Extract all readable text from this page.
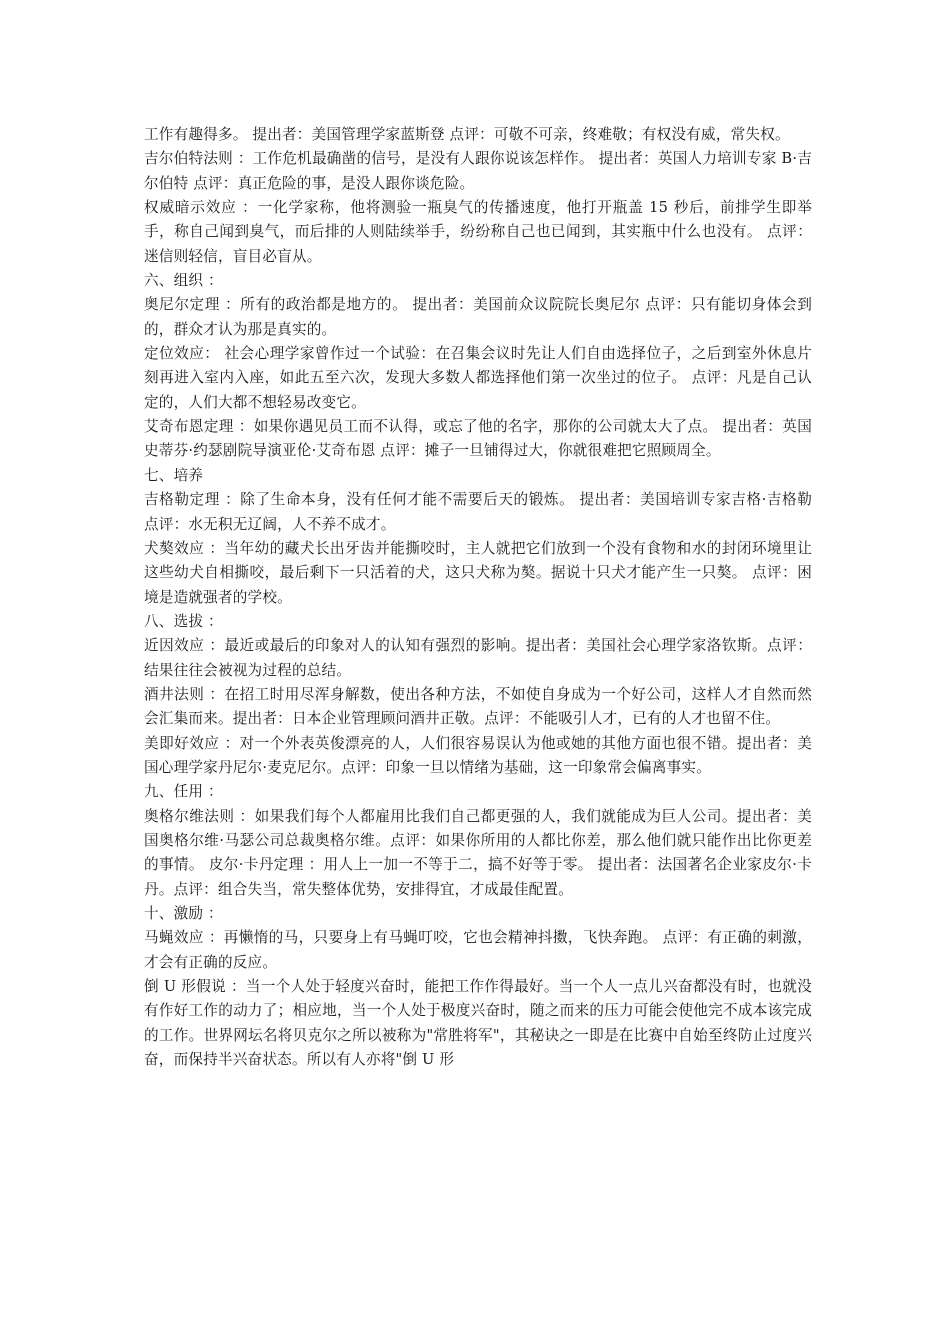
工作有趣得多。 提出者：美国管理学家蓝斯登 点评：可敬不可亲，终难敬；有权没有威，常失权。

吉尔伯特法则 ：工作危机最确凿的信号，是没有人跟你说该怎样作。 提出者：英国人力培训专家 B·吉尔伯特 点评：真正危险的事，是没人跟你谈危险。

权威暗示效应 ：一化学家称，他将测验一瓶臭气的传播速度，他打开瓶盖 15 秒后，前排学生即举手，称自己闻到臭气，而后排的人则陆续举手，纷纷称自己也已闻到，其实瓶中什么也没有。 点评：迷信则轻信，盲目必盲从。

六、组织 ：

奥尼尔定理 ：所有的政治都是地方的。 提出者：美国前众议院院长奥尼尔 点评：只有能切身体会到的，群众才认为那是真实的。

定位效应： 社会心理学家曾作过一个试验：在召集会议时先让人们自由选择位子，之后到室外休息片刻再进入室内入座，如此五至六次，发现大多数人都选择他们第一次坐过的位子。 点评：凡是自己认定的，人们大都不想轻易改变它。

艾奇布恩定理 ：如果你遇见员工而不认得，或忘了他的名字，那你的公司就太大了点。 提出者：英国史蒂芬·约瑟剧院导演亚伦·艾奇布恩 点评：摊子一旦铺得过大，你就很难把它照顾周全。

七、培养

吉格勒定理 ：除了生命本身，没有任何才能不需要后天的锻炼。 提出者：美国培训专家吉格·吉格勒 点评：水无积无辽阔，人不养不成才。

犬獒效应 ：当年幼的藏犬长出牙齿并能撕咬时，主人就把它们放到一个没有食物和水的封闭环境里让这些幼犬自相撕咬，最后剩下一只活着的犬，这只犬称为獒。据说十只犬才能产生一只獒。 点评：困境是造就强者的学校。

八、选拔 ：

近因效应 ：最近或最后的印象对人的认知有强烈的影响。提出者：美国社会心理学家洛钦斯。点评：结果往往会被视为过程的总结。

酒井法则 ：在招工时用尽浑身解数，使出各种方法，不如使自身成为一个好公司，这样人才自然而然会汇集而来。提出者：日本企业管理顾问酒井正敬。点评：不能吸引人才，已有的人才也留不住。

美即好效应 ：对一个外表英俊漂亮的人，人们很容易误认为他或她的其他方面也很不错。提出者：美国心理学家丹尼尔·麦克尼尔。点评：印象一旦以情绪为基础，这一印象常会偏离事实。

九、任用 ：

奥格尔维法则 ：如果我们每个人都雇用比我们自己都更强的人，我们就能成为巨人公司。提出者：美国奥格尔维·马瑟公司总裁奥格尔维。点评：如果你所用的人都比你差，那么他们就只能作出比你更差的事情。 皮尔·卡丹定理 ：用人上一加一不等于二，搞不好等于零。 提出者：法国著名企业家皮尔·卡丹。点评：组合失当，常失整体优势，安排得宜，才成最佳配置。

十、激励 ：

马蝇效应 ：再懒惰的马，只要身上有马蝇叮咬，它也会精神抖擞，飞快奔跑。 点评：有正确的刺激，才会有正确的反应。

倒 U 形假说 ：当一个人处于轻度兴奋时，能把工作作得最好。当一个人一点儿兴奋都没有时，也就没有作好工作的动力了；相应地，当一个人处于极度兴奋时，随之而来的压力可能会使他完不成本该完成的工作。世界网坛名将贝克尔之所以被称为"常胜将军"，其秘诀之一即是在比赛中自始至终防止过度兴奋，而保持半兴奋状态。所以有人亦将"倒 U 形
